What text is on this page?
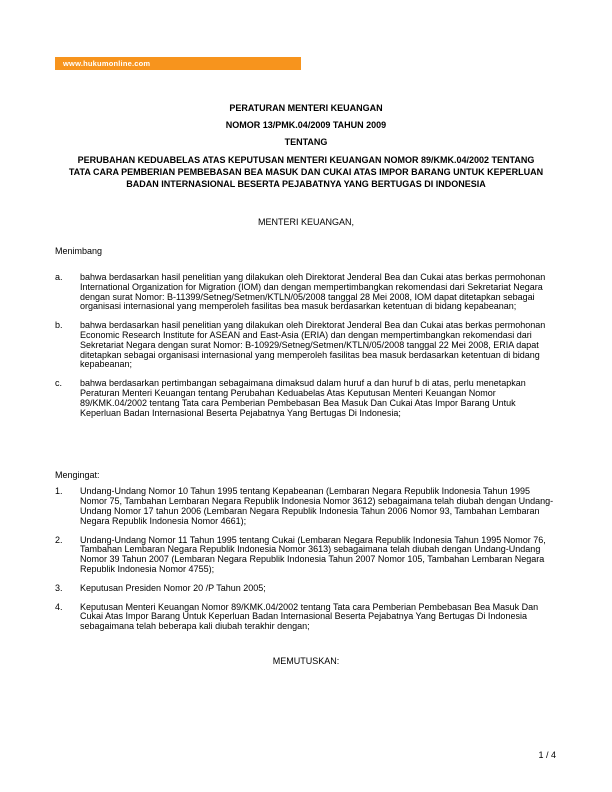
www.hukumonline.com
PERATURAN MENTERI KEUANGAN
NOMOR 13/PMK.04/2009 TAHUN 2009
TENTANG
PERUBAHAN KEDUABELAS ATAS KEPUTUSAN MENTERI KEUANGAN NOMOR 89/KMK.04/2002 TENTANG TATA CARA PEMBERIAN PEMBEBASAN BEA MASUK DAN CUKAI ATAS IMPOR BARANG UNTUK KEPERLUAN BADAN INTERNASIONAL BESERTA PEJABATNYA YANG BERTUGAS DI INDONESIA
MENTERI KEUANGAN,
Menimbang
a.	bahwa berdasarkan hasil penelitian yang dilakukan oleh Direktorat Jenderal Bea dan Cukai atas berkas permohonan International Organization for Migration (IOM) dan dengan mempertimbangkan rekomendasi dari Sekretariat Negara dengan surat Nomor: B-11399/Setneg/Setmen/KTLN/05/2008 tanggal 28 Mei 2008, IOM dapat ditetapkan sebagai organisasi internasional yang memperoleh fasilitas bea masuk berdasarkan ketentuan di bidang kepabeanan;
b.	bahwa berdasarkan hasil penelitian yang dilakukan oleh Direktorat Jenderal Bea dan Cukai atas berkas permohonan Economic Research Institute for ASEAN and East-Asia (ERIA) dan dengan mempertimbangkan rekomendasi dari Sekretariat Negara dengan surat Nomor: B-10929/Setneg/Setmen/KTLN/05/2008 tanggal 22 Mei 2008, ERIA dapat ditetapkan sebagai organisasi internasional yang memperoleh fasilitas bea masuk berdasarkan ketentuan di bidang kepabeanan;
c.	bahwa berdasarkan pertimbangan sebagaimana dimaksud dalam huruf a dan huruf b di atas, perlu menetapkan Peraturan Menteri Keuangan tentang Perubahan Keduabelas Atas Keputusan Menteri Keuangan Nomor 89/KMK.04/2002 tentang Tata cara Pemberian Pembebasan Bea Masuk Dan Cukai Atas Impor Barang Untuk Keperluan Badan Internasional Beserta Pejabatnya Yang Bertugas Di Indonesia;
Mengingat:
1.	Undang-Undang Nomor 10 Tahun 1995 tentang Kepabeanan (Lembaran Negara Republik Indonesia Tahun 1995 Nomor 75, Tambahan Lembaran Negara Republik Indonesia Nomor 3612) sebagaimana telah diubah dengan Undang-Undang Nomor 17 tahun 2006 (Lembaran Negara Republik Indonesia Tahun 2006 Nomor 93, Tambahan Lembaran Negara Republik Indonesia Nomor 4661);
2.	Undang-Undang Nomor 11 Tahun 1995 tentang Cukai (Lembaran Negara Republik Indonesia Tahun 1995 Nomor 76, Tambahan Lembaran Negara Republik Indonesia Nomor 3613) sebagaimana telah diubah dengan Undang-Undang Nomor 39 Tahun 2007 (Lembaran Negara Republik Indonesia Tahun 2007 Nomor 105, Tambahan Lembaran Negara Republik Indonesia Nomor 4755);
3.	Keputusan Presiden Nomor 20 /P Tahun 2005;
4.	Keputusan Menteri Keuangan Nomor 89/KMK.04/2002 tentang Tata cara Pemberian Pembebasan Bea Masuk Dan Cukai Atas Impor Barang Untuk Keperluan Badan Internasional Beserta Pejabatnya Yang Bertugas Di Indonesia sebagaimana telah beberapa kali diubah terakhir dengan;
MEMUTUSKAN:
1 / 4
